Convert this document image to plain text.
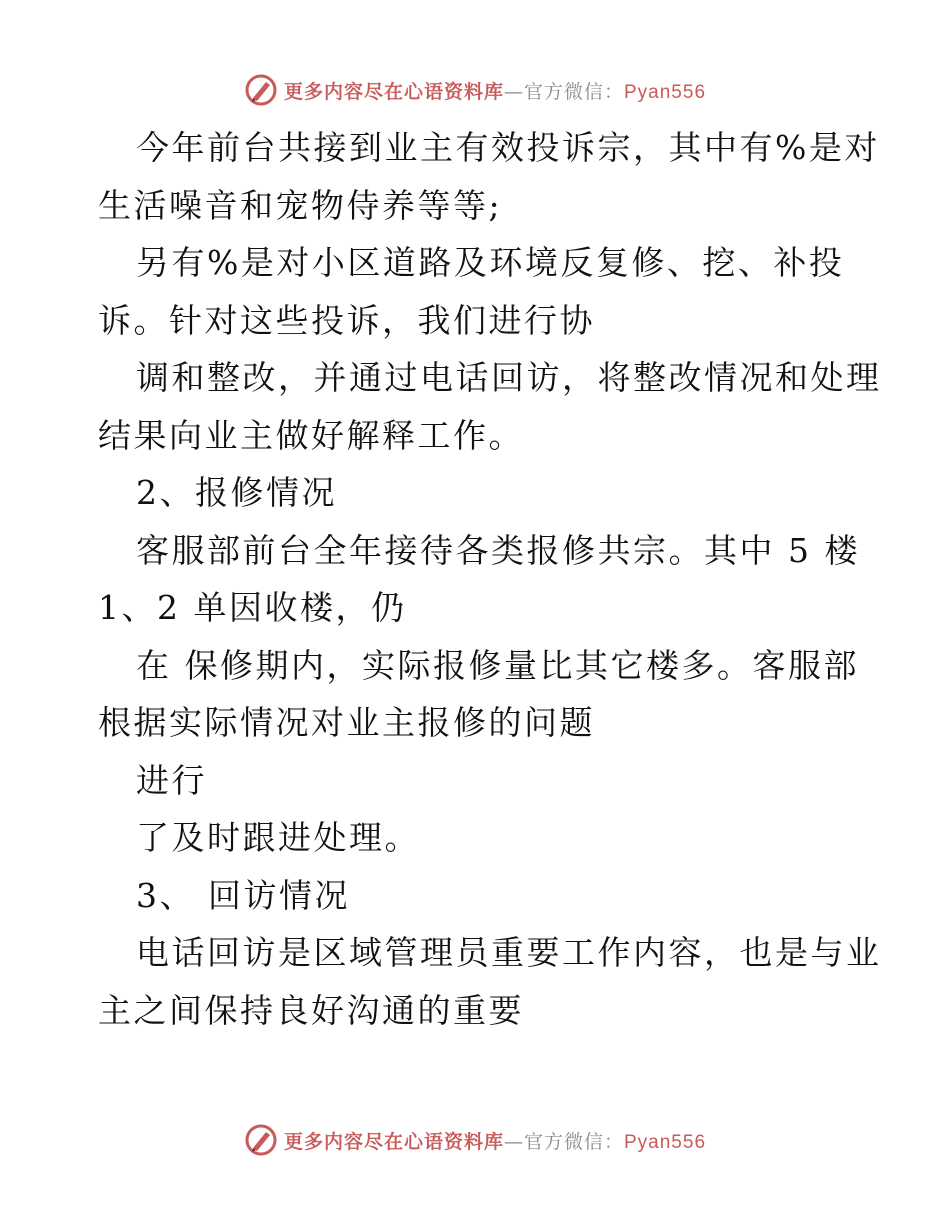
更多内容尽在心语资料库—官方微信：Pyan556
今年前台共接到业主有效投诉宗，其中有%是对
生活噪音和宠物侍养等等;
另有%是对小区道路及环境反复修、挖、补投
诉。针对这些投诉，我们进行协
调和整改，并通过电话回访，将整改情况和处理
结果向业主做好解释工作。
2、报修情况
客服部前台全年接待各类报修共宗。其中 5 楼
1、2 单因收楼，仍
在 保修期内，实际报修量比其它楼多。客服部
根据实际情况对业主报修的问题
进行
了及时跟进处理。
3、 回访情况
电话回访是区域管理员重要工作内容，也是与业
主之间保持良好沟通的重要
更多内容尽在心语资料库—官方微信：Pyan556
